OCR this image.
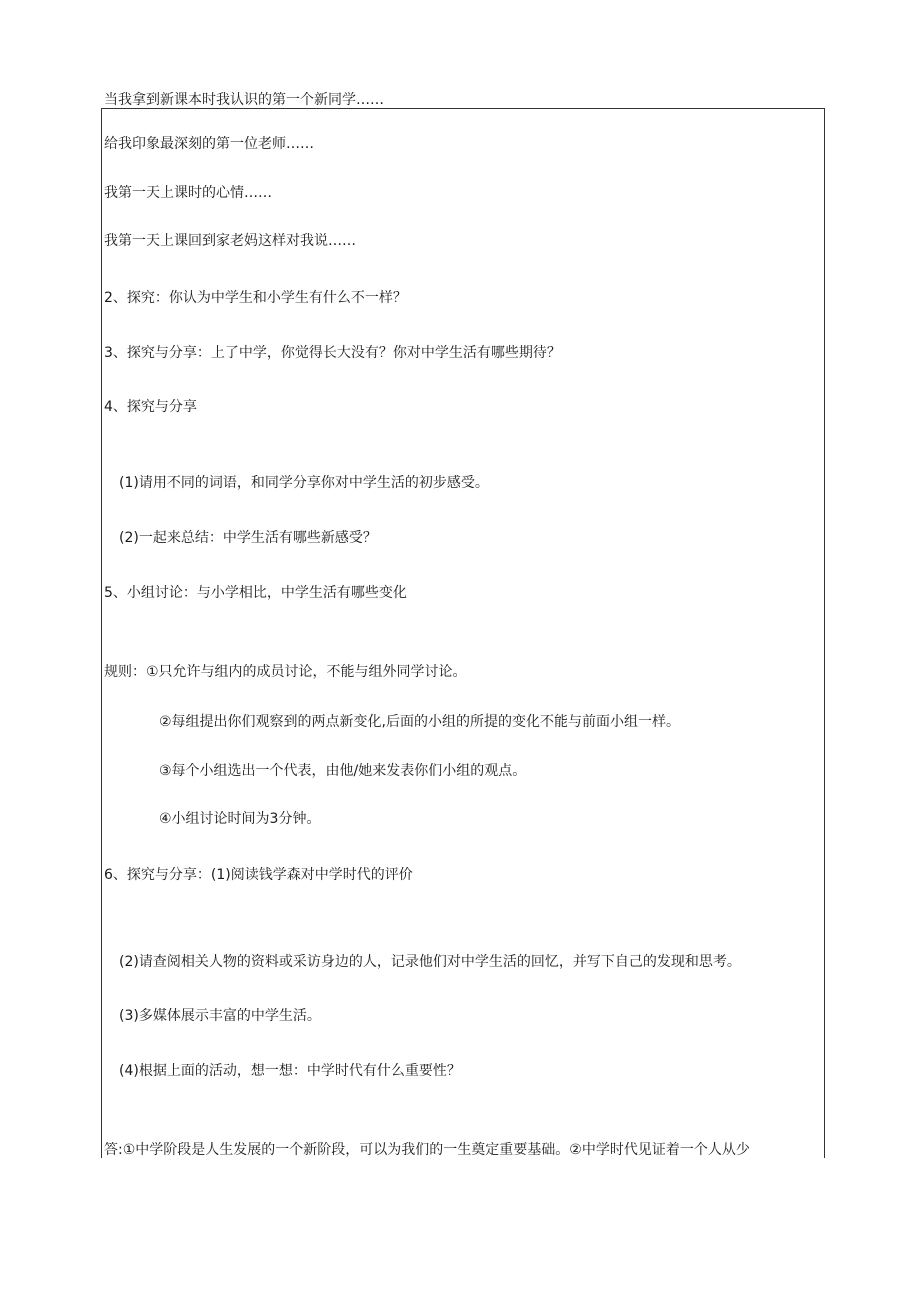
当我拿到新课本时我认识的第一个新同学……
给我印象最深刻的第一位老师……
我第一天上课时的心情……
我第一天上课回到家老妈这样对我说……
2、探究：你认为中学生和小学生有什么不一样？
3、探究与分享：上了中学，你觉得长大没有？你对中学生活有哪些期待？
4、探究与分享
(1)请用不同的词语，和同学分享你对中学生活的初步感受。
(2)一起来总结：中学生活有哪些新感受？
5、小组讨论：与小学相比，中学生活有哪些变化
规则：①只允许与组内的成员讨论，不能与组外同学讨论。
②每组提出你们观察到的两点新变化,后面的小组的所提的变化不能与前面小组一样。
③每个小组选出一个代表，由他/她来发表你们小组的观点。
④小组讨论时间为3分钟。
6、探究与分享：(1)阅读钱学森对中学时代的评价
(2)请查阅相关人物的资料或采访身边的人，记录他们对中学生活的回忆，并写下自己的发现和思考。
(3)多媒体展示丰富的中学生活。
(4)根据上面的活动，想一想：中学时代有什么重要性？
答:①中学阶段是人生发展的一个新阶段，可以为我们的一生奠定重要基础。②中学时代见证着一个人从少
